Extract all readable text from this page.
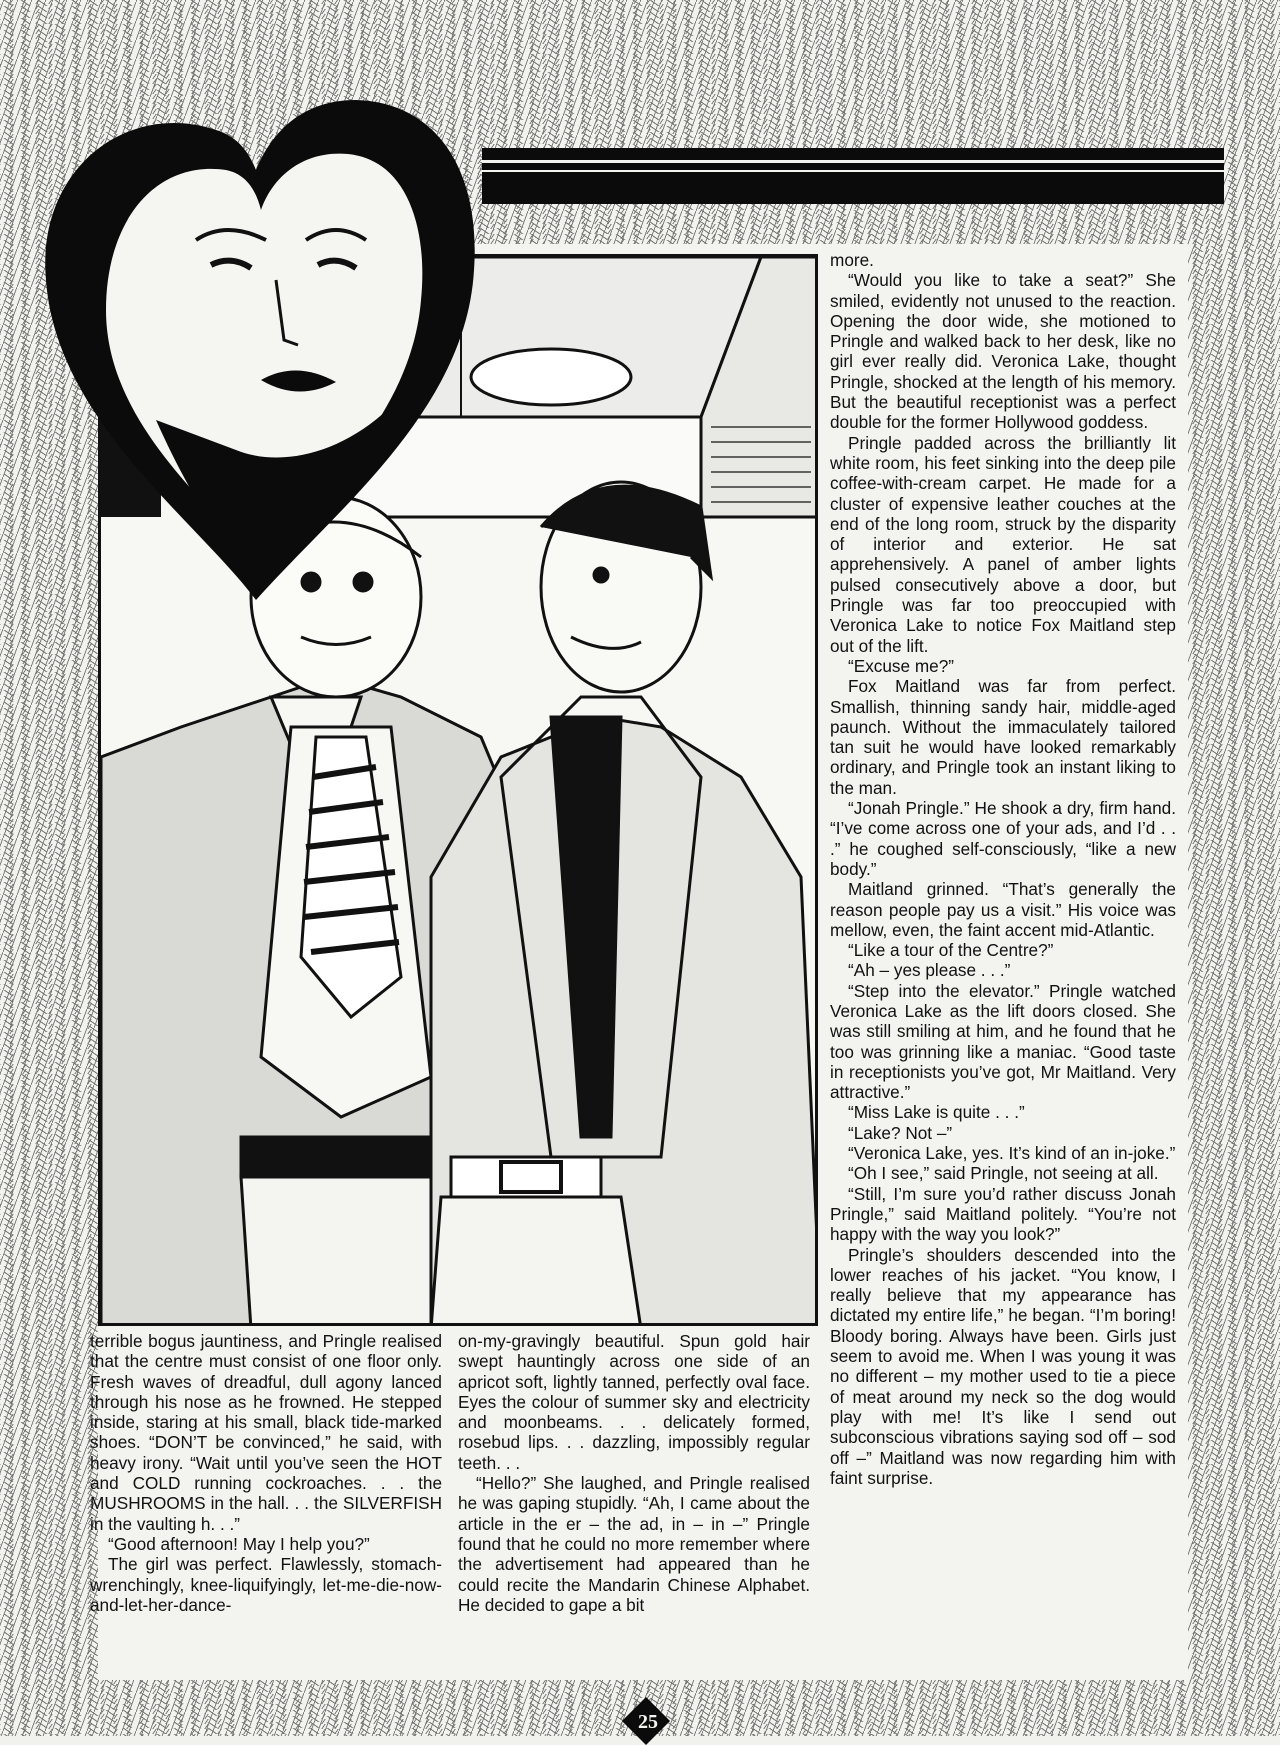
more.

“Would you like to take a seat?” She smiled, evidently not unused to the reaction. Opening the door wide, she motioned to Pringle and walked back to her desk, like no girl ever really did. Veronica Lake, thought Pringle, shocked at the length of his memory. But the beautiful receptionist was a perfect double for the former Hollywood goddess.

Pringle padded across the brilliantly lit white room, his feet sinking into the deep pile coffee-with-cream carpet. He made for a cluster of expensive leather couches at the end of the long room, struck by the disparity of interior and exterior. He sat apprehensively. A panel of amber lights pulsed consecutively above a door, but Pringle was far too preoccupied with Veronica Lake to notice Fox Maitland step out of the lift.

“Excuse me?”

Fox Maitland was far from perfect. Smallish, thinning sandy hair, middle-aged paunch. Without the immaculately tailored tan suit he would have looked remarkably ordinary, and Pringle took an instant liking to the man.

“Jonah Pringle.” He shook a dry, firm hand. “I’ve come across one of your ads, and I’d . . .” he coughed self-consciously, “like a new body.”

Maitland grinned. “That’s generally the reason people pay us a visit.” His voice was mellow, even, the faint accent mid-Atlantic.

“Like a tour of the Centre?”

“Ah – yes please . . .”

“Step into the elevator.” Pringle watched Veronica Lake as the lift doors closed. She was still smiling at him, and he found that he too was grinning like a maniac. “Good taste in receptionists you’ve got, Mr Maitland. Very attractive.”

“Miss Lake is quite . . .”

“Lake? Not –”

“Veronica Lake, yes. It’s kind of an in-joke.”

“Oh I see,” said Pringle, not seeing at all.

“Still, I’m sure you’d rather discuss Jonah Pringle,” said Maitland politely. “You’re not happy with the way you look?”

Pringle’s shoulders descended into the lower reaches of his jacket. “You know, I really believe that my appearance has dictated my entire life,” he began. “I’m boring! Bloody boring. Always have been. Girls just seem to avoid me. When I was young it was no different – my mother used to tie a piece of meat around my neck so the dog would play with me! It’s like I send out subconscious vibrations saying sod off – sod off –” Maitland was now regarding him with faint surprise.

terrible bogus jauntiness, and Pringle realised that the centre must consist of one floor only. Fresh waves of dreadful, dull agony lanced through his nose as he frowned. He stepped inside, staring at his small, black tide-marked shoes. “DON’T be convinced,” he said, with heavy irony. “Wait until you’ve seen the HOT and COLD running cockroaches. . . the MUSHROOMS in the hall. . . the SILVERFISH in the vaulting h. . .”

“Good afternoon! May I help you?”

The girl was perfect. Flawlessly, stomach-wrenchingly, knee-liquifyingly, let-me-die-now-and-let-her-dance-

on-my-gravingly beautiful. Spun gold hair swept hauntingly across one side of an apricot soft, lightly tanned, perfectly oval face. Eyes the colour of summer sky and electricity and moonbeams. . . delicately formed, rosebud lips. . . dazzling, impossibly regular teeth. . .

“Hello?” She laughed, and Pringle realised he was gaping stupidly. “Ah, I came about the article in the er – the ad, in – in –” Pringle found that he could no more remember where the advertisement had appeared than he could recite the Mandarin Chinese Alphabet. He decided to gape a bit

25
